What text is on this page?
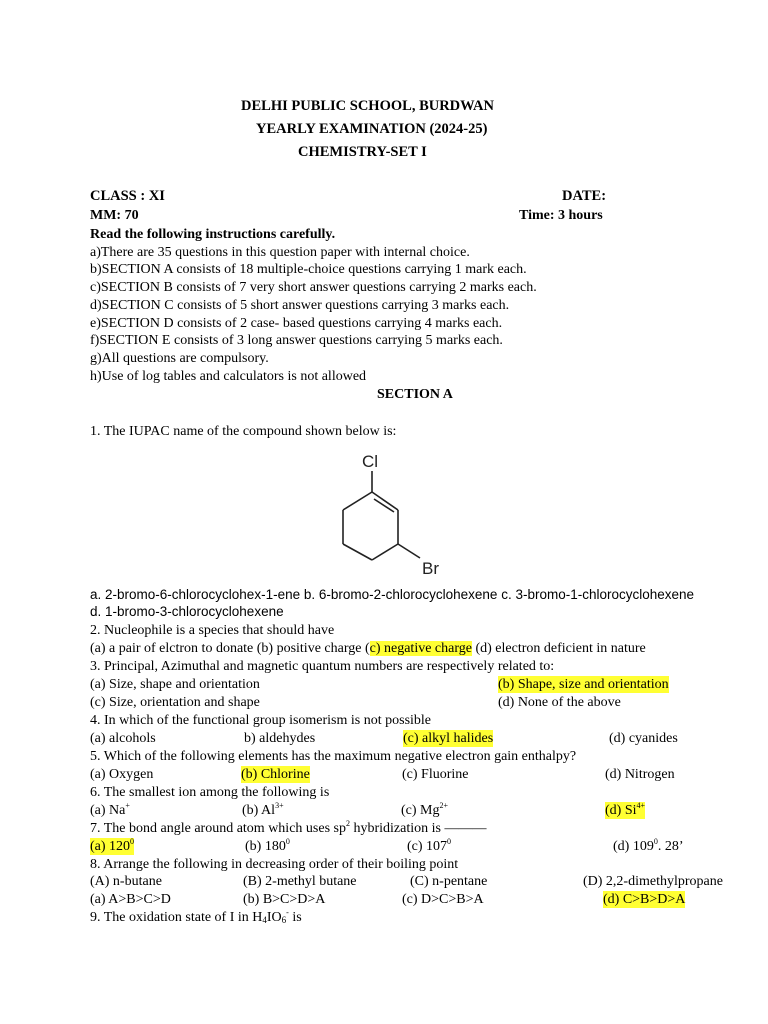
DELHI PUBLIC SCHOOL, BURDWAN
YEARLY EXAMINATION (2024-25)
CHEMISTRY-SET I
CLASS : XI	DATE:
MM: 70	Time: 3 hours
Read the following instructions carefully.
a)There are 35 questions in this question paper with internal choice.
b)SECTION A consists of 18 multiple-choice questions carrying 1 mark each.
c)SECTION B consists of 7 very short answer questions carrying 2 marks each.
d)SECTION C consists of 5 short answer questions carrying 3 marks each.
e)SECTION D consists of 2 case- based questions carrying 4 marks each.
f)SECTION E consists of 3 long answer questions carrying 5 marks each.
g)All questions are compulsory.
h)Use of log tables and calculators is not allowed
SECTION A
1. The IUPAC name of the compound shown below is:
Cl
Br
a. 2-bromo-6-chlorocyclohex-1-ene b. 6-bromo-2-chlorocyclohexene c. 3-bromo-1-chlorocyclohexene
d. 1-bromo-3-chlorocyclohexene
2. Nucleophile is a species that should have
(a) a pair of elctron to donate (b) positive charge (c) negative charge (d) electron deficient in nature
3. Principal, Azimuthal and magnetic quantum numbers are respectively related to:
(a) Size, shape and orientation	(b) Shape, size and orientation
(c) Size, orientation and shape	(d) None of the above
4. In which of the functional group isomerism is not possible
(a) alcohols	b) aldehydes	(c) alkyl halides	(d) cyanides
5. Which of the following elements has the maximum negative electron gain enthalpy?
(a) Oxygen	(b) Chlorine	(c) Fluorine	(d) Nitrogen
6. The smallest ion among the following is
(a) Na+	(b) $Al^{3+}$	(c) $Mg^{2+}$	(d) $Si^{4+}$
7. The bond angle around atom which uses $sp^2$ hybridization is ———
(a) $120^0$	(b) $180^0$	(c) $107^0$	(d) $109^0$. 28’
8. Arrange the following in decreasing order of their boiling point
(A) n-butane	(B) 2-methyl butane	(C) n-pentane	(D) 2,2-dimethylpropane
(a) A>B>C>D	(b) B>C>D>A	(c) D>C>B>A	(d) C>B>D>A
9. The oxidation state of I in $H_4IO_6^-$ is
